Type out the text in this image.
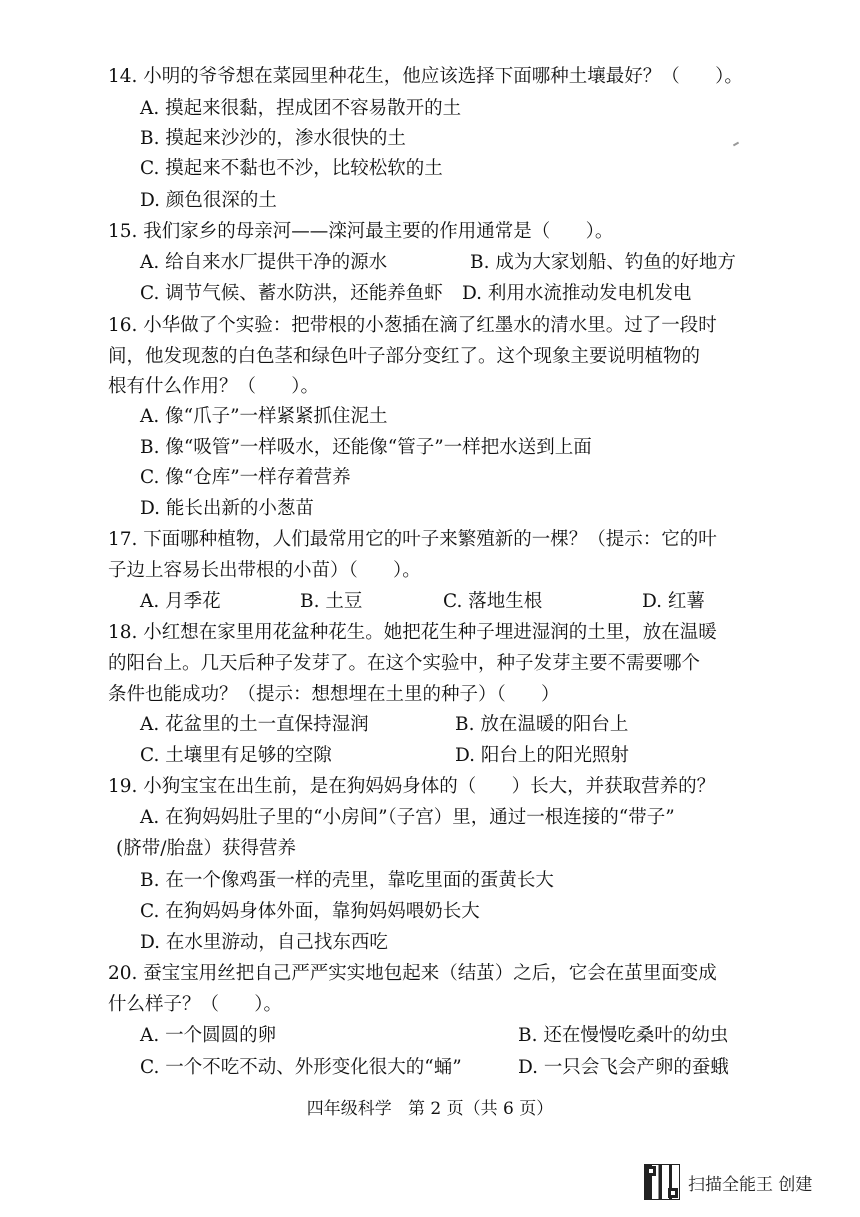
14. 小明的爷爷想在菜园里种花生，他应该选择下面哪种土壤最好？（      ）。
A. 摸起来很黏，捏成团不容易散开的土
B. 摸起来沙沙的，渗水很快的土
C. 摸起来不黏也不沙，比较松软的土
D. 颜色很深的土
15. 我们家乡的母亲河——滦河最主要的作用通常是（      ）。
A. 给自来水厂提供干净的源水	B. 成为大家划船、钓鱼的好地方
C. 调节气候、蓄水防洪，还能养鱼虾 D. 利用水流推动发电机发电
16. 小华做了个实验：把带根的小葱插在滴了红墨水的清水里。过了一段时
间，他发现葱的白色茎和绿色叶子部分变红了。这个现象主要说明植物的
根有什么作用？（      ）。
A. 像“爪子”一样紧紧抓住泥土
B. 像“吸管”一样吸水，还能像“管子”一样把水送到上面
C. 像“仓库”一样存着营养
D. 能长出新的小葱苗
17. 下面哪种植物，人们最常用它的叶子来繁殖新的一棵？（提示：它的叶
子边上容易长出带根的小苗）（      ）。
A. 月季花	B. 土豆	C. 落地生根	D. 红薯
18. 小红想在家里用花盆种花生。她把花生种子埋进湿润的土里，放在温暖
的阳台上。几天后种子发芽了。在这个实验中，种子发芽主要不需要哪个
条件也能成功？（提示：想想埋在土里的种子）（      ）
A. 花盆里的土一直保持湿润	B. 放在温暖的阳台上
C. 土壤里有足够的空隙	D. 阳台上的阳光照射
19. 小狗宝宝在出生前，是在狗妈妈身体的（      ）长大，并获取营养的？
A. 在狗妈妈肚子里的“小房间”（子宫）里，通过一根连接的“带子”
(脐带/胎盘）获得营养
B. 在一个像鸡蛋一样的壳里，靠吃里面的蛋黄长大
C. 在狗妈妈身体外面，靠狗妈妈喂奶长大
D. 在水里游动，自己找东西吃
20. 蚕宝宝用丝把自己严严实实地包起来（结茧）之后，它会在茧里面变成
什么样子？（      ）。
A. 一个圆圆的卵	B. 还在慢慢吃桑叶的幼虫
C. 一个不吃不动、外形变化很大的“蛹”	D. 一只会飞会产卵的蚕蛾
四年级科学   第 2 页（共 6 页）
扫描全能王 创建
